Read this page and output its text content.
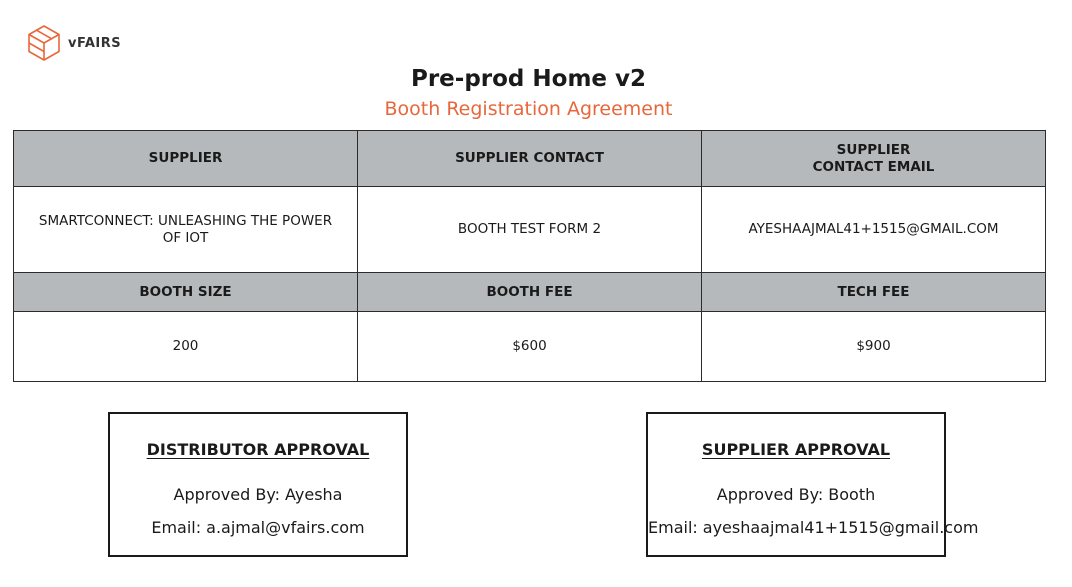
vFAIRS
Pre-prod Home v2
Booth Registration Agreement
SUPPLIER	SUPPLIER CONTACT	SUPPLIER
CONTACT EMAIL
SMARTCONNECT: UNLEASHING THE POWER OF IOT	BOOTH TEST FORM 2	AYESHAAJMAL41+1515@GMAIL.COM
BOOTH SIZE	BOOTH FEE	TECH FEE
200	$600	$900
DISTRIBUTOR APPROVAL
Approved By: Ayesha
Email: a.ajmal@vfairs.com
SUPPLIER APPROVAL
Approved By: Booth
Email: ayeshaajmal41+1515@gmail.com
